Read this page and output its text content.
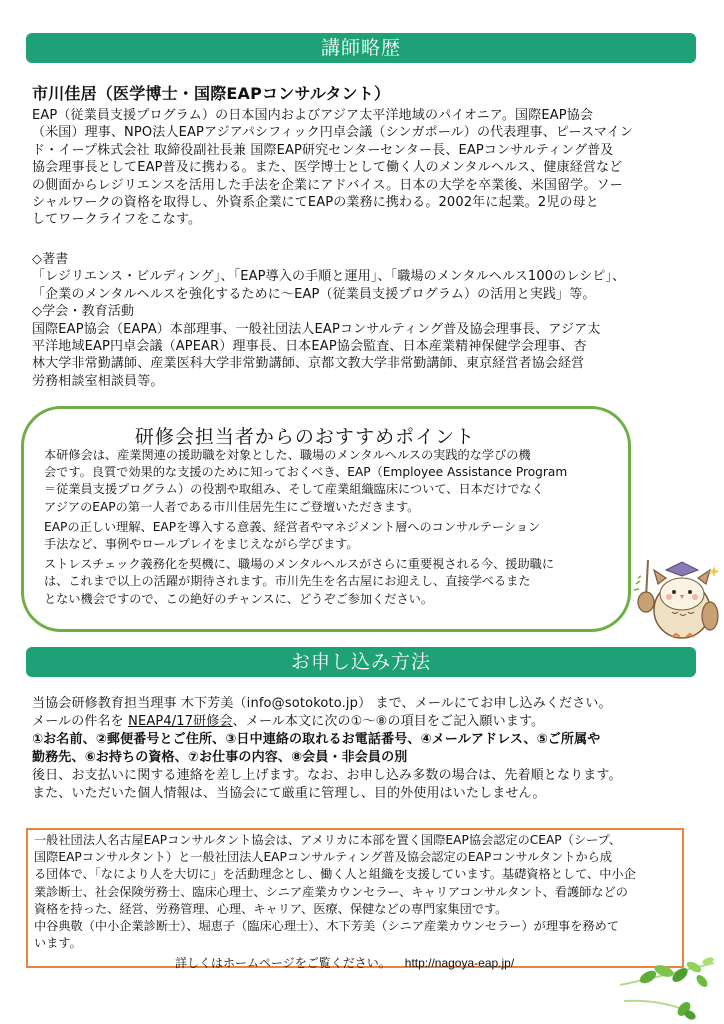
講師略歴
市川佳居（医学博士・国際EAPコンサルタント）
EAP（従業員支援プログラム）の日本国内およびアジア太平洋地域のパイオニア。国際EAP協会
（米国）理事、NPO法人EAPアジアパシフィック円卓会議（シンガポール）の代表理事、ピースマイン
ド・イープ株式会社 取締役副社長兼 国際EAP研究センターセンター長、EAPコンサルティング普及
協会理事長としてEAP普及に携わる。また、医学博士として働く人のメンタルヘルス、健康経営など
の側面からレジリエンスを活用した手法を企業にアドバイス。日本の大学を卒業後、米国留学。ソー
シャルワークの資格を取得し、外資系企業にてEAPの業務に携わる。2002年に起業。2児の母と
してワークライフをこなす。
◇著書
「レジリエンス・ビルディング」、「EAP導入の手順と運用」、「職場のメンタルヘルス100のレシピ」、
「企業のメンタルヘルスを強化するために～EAP（従業員支援プログラム）の活用と実践」等。
◇学会・教育活動
国際EAP協会（EAPA）本部理事、一般社団法人EAPコンサルティング普及協会理事長、アジア太
平洋地域EAP円卓会議（APEAR）理事長、日本EAP協会監査、日本産業精神保健学会理事、杏
林大学非常勤講師、産業医科大学非常勤講師、京都文教大学非常勤講師、東京経営者協会経営
労務相談室相談員等。
研修会担当者からのおすすめポイント
本研修会は、産業関連の援助職を対象とした、職場のメンタルヘルスの実践的な学びの機
会です。良質で効果的な支援のために知っておくべき、EAP（Employee Assistance Program
＝従業員支援プログラム）の役割や取組み、そして産業組織臨床について、日本だけでなく
アジアのEAPの第一人者である市川佳居先生にご登壇いただきます。
EAPの正しい理解、EAPを導入する意義、経営者やマネジメント層へのコンサルテーション
手法など、事例やロールプレイをまじえながら学びます。
ストレスチェック義務化を契機に、職場のメンタルヘルスがさらに重要視される今、援助職に
は、これまで以上の活躍が期待されます。市川先生を名古屋にお迎えし、直接学べるまた
とない機会ですので、この絶好のチャンスに、どうぞご参加ください。
お申し込み方法
当協会研修教育担当理事 木下芳美（info@sotokoto.jp） まで、メールにてお申し込みください。
メールの件名を NEAP4/17研修会、メール本文に次の①～⑧の項目をご記入願います。
①お名前、②郵便番号とご住所、③日中連絡の取れるお電話番号、④メールアドレス、⑤ご所属や
勤務先、⑥お持ちの資格、⑦お仕事の内容、⑧会員・非会員の別
後日、お支払いに関する連絡を差し上げます。なお、お申し込み多数の場合は、先着順となります。
また、いただいた個人情報は、当協会にて厳重に管理し、目的外使用はいたしません。
一般社団法人名古屋EAPコンサルタント協会は、アメリカに本部を置く国際EAP協会認定のCEAP（シープ、
国際EAPコンサルタント）と一般社団法人EAPコンサルティング普及協会認定のEAPコンサルタントから成
る団体で、「なにより人を大切に」を活動理念とし、働く人と組織を支援しています。基礎資格として、中小企
業診断士、社会保険労務士、臨床心理士、シニア産業カウンセラー、キャリアコンサルタント、看護師などの
資格を持った、経営、労務管理、心理、キャリア、医療、保健などの専門家集団です。
中谷典敬（中小企業診断士）、堀恵子（臨床心理士）、木下芳美（シニア産業カウンセラー）が理事を務めて
います。
詳しくはホームページをご覧ください。 http://nagoya-eap.jp/
